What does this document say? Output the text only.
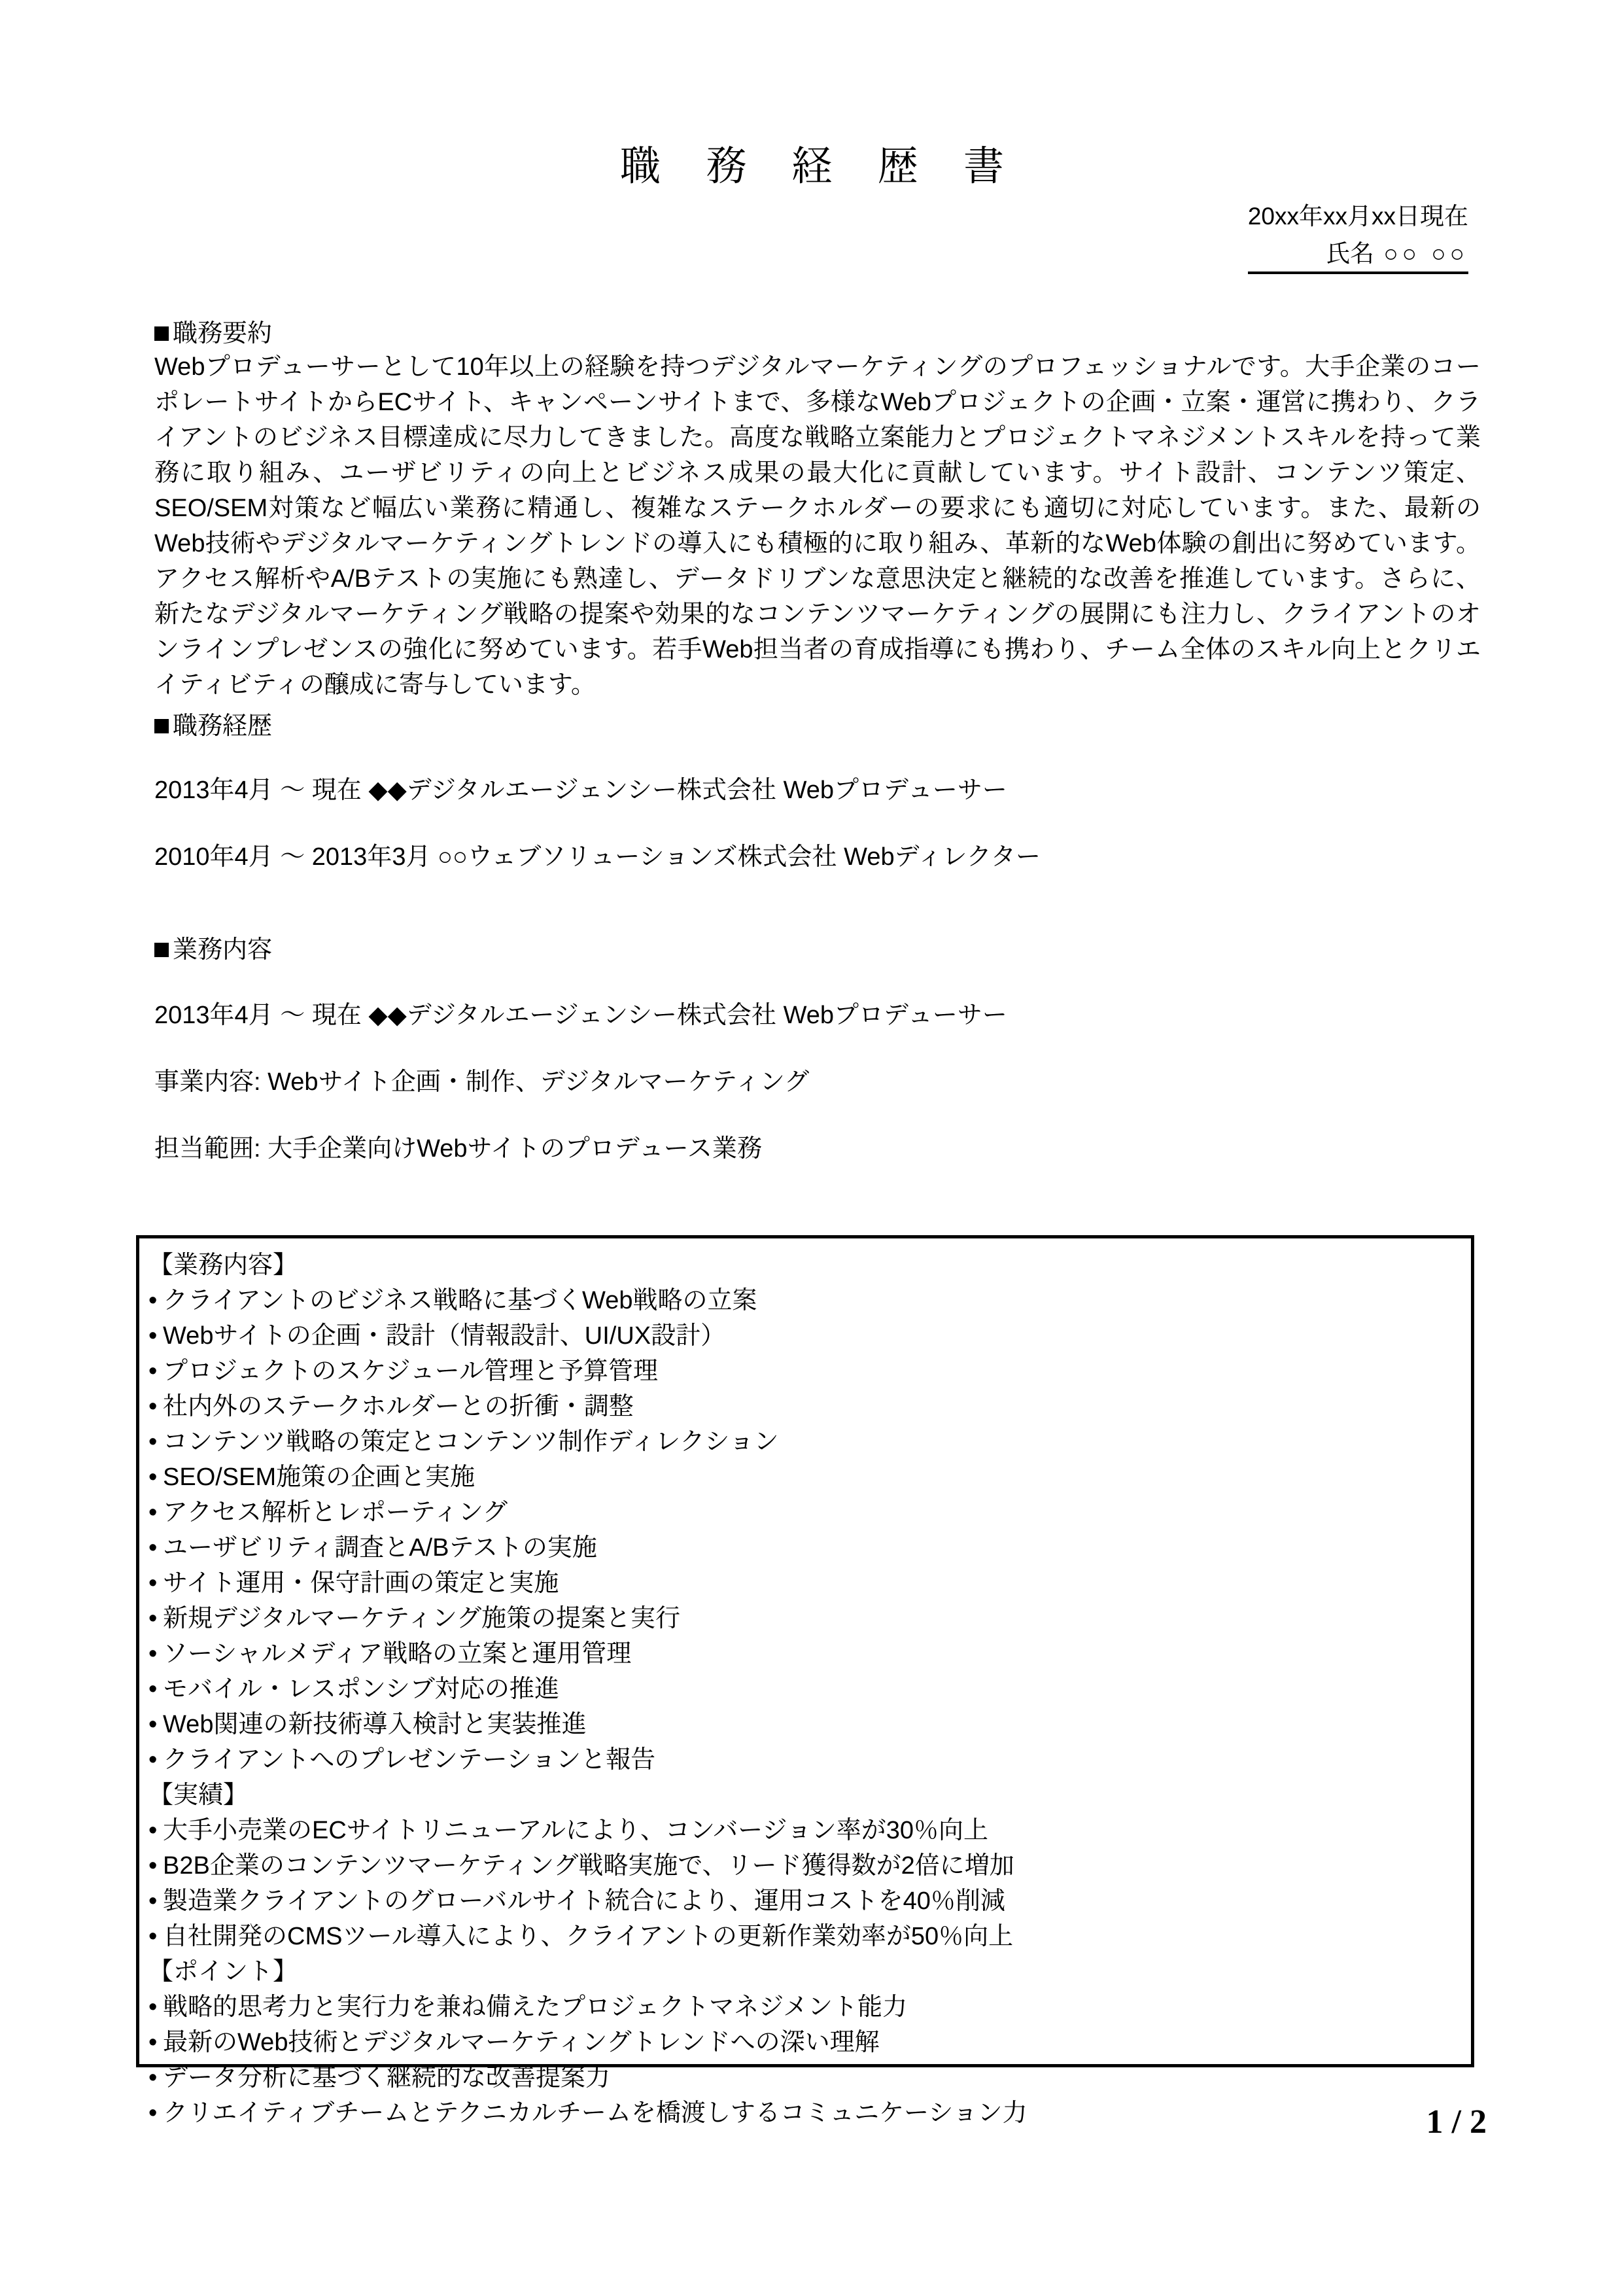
職 務 経 歴 書
20xx年xx月xx日現在
氏名 ○○ ○○
職務要約

Webプロデューサーとして10年以上の経験を持つデジタルマーケティングのプロフェッショナルです。大手企業のコーポレートサイトからECサイト、キャンペーンサイトまで、多様なWebプロジェクトの企画・立案・運営に携わり、クライアントのビジネス目標達成に尽力してきました。高度な戦略立案能力とプロジェクトマネジメントスキルを持って業務に取り組み、ユーザビリティの向上とビジネス成果の最大化に貢献しています。サイト設計、コンテンツ策定、SEO/SEM対策など幅広い業務に精通し、複雑なステークホルダーの要求にも適切に対応しています。また、最新のWeb技術やデジタルマーケティングトレンドの導入にも積極的に取り組み、革新的なWeb体験の創出に努めています。アクセス解析やA/Bテストの実施にも熟達し、データドリブンな意思決定と継続的な改善を推進しています。さらに、新たなデジタルマーケティング戦略の提案や効果的なコンテンツマーケティングの展開にも注力し、クライアントのオンラインプレゼンスの強化に努めています。若手Web担当者の育成指導にも携わり、チーム全体のスキル向上とクリエイティビティの醸成に寄与しています。

職務経歴
2013年4月 ～ 現在 ◆◆デジタルエージェンシー株式会社 Webプロデューサー
2010年4月 ～ 2013年3月 ○○ウェブソリューションズ株式会社 Webディレクター
業務内容
2013年4月 ～ 現在 ◆◆デジタルエージェンシー株式会社 Webプロデューサー
事業内容: Webサイト企画・制作、デジタルマーケティング
担当範囲: 大手企業向けWebサイトのプロデュース業務
【業務内容】
• クライアントのビジネス戦略に基づくWeb戦略の立案
• Webサイトの企画・設計（情報設計、UI/UX設計）
• プロジェクトのスケジュール管理と予算管理
• 社内外のステークホルダーとの折衝・調整
• コンテンツ戦略の策定とコンテンツ制作ディレクション
• SEO/SEM施策の企画と実施
• アクセス解析とレポーティング
• ユーザビリティ調査とA/Bテストの実施
• サイト運用・保守計画の策定と実施
• 新規デジタルマーケティング施策の提案と実行
• ソーシャルメディア戦略の立案と運用管理
• モバイル・レスポンシブ対応の推進
• Web関連の新技術導入検討と実装推進
• クライアントへのプレゼンテーションと報告
【実績】
• 大手小売業のECサイトリニューアルにより、コンバージョン率が30％向上
• B2B企業のコンテンツマーケティング戦略実施で、リード獲得数が2倍に増加
• 製造業クライアントのグローバルサイト統合により、運用コストを40％削減
• 自社開発のCMSツール導入により、クライアントの更新作業効率が50％向上
【ポイント】
• 戦略的思考力と実行力を兼ね備えたプロジェクトマネジメント能力
• 最新のWeb技術とデジタルマーケティングトレンドへの深い理解
• データ分析に基づく継続的な改善提案力
• クリエイティブチームとテクニカルチームを橋渡しするコミュニケーション力	1 / 2
